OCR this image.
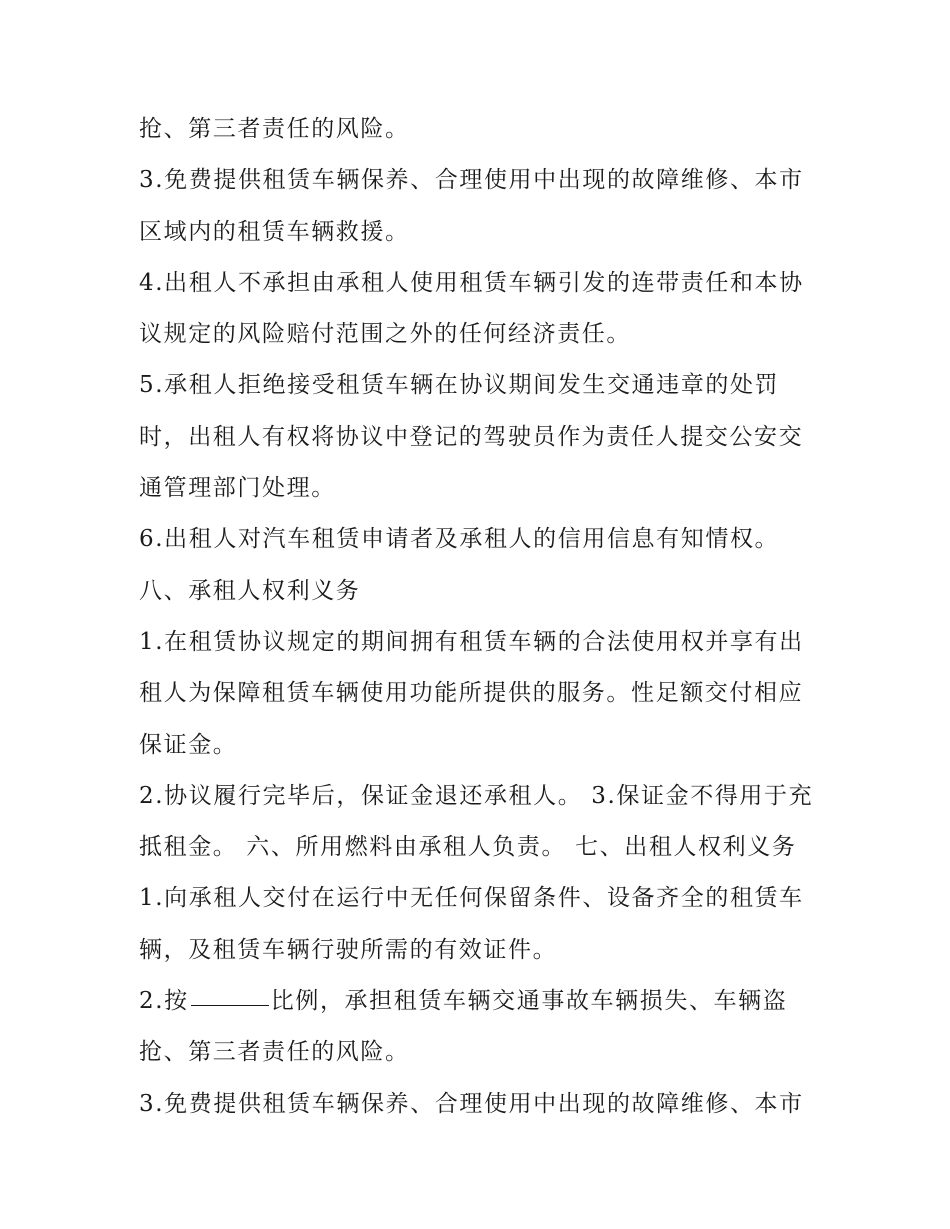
抢、第三者责任的风险。
3.免费提供租赁车辆保养、合理使用中出现的故障维修、本市
区域内的租赁车辆救援。
4.出租人不承担由承租人使用租赁车辆引发的连带责任和本协
议规定的风险赔付范围之外的任何经济责任。
5.承租人拒绝接受租赁车辆在协议期间发生交通违章的处罚
时，出租人有权将协议中登记的驾驶员作为责任人提交公安交
通管理部门处理。
6.出租人对汽车租赁申请者及承租人的信用信息有知情权。
八、承租人权利义务
1.在租赁协议规定的期间拥有租赁车辆的合法使用权并享有出
租人为保障租赁车辆使用功能所提供的服务。性足额交付相应
保证金。
2.协议履行完毕后，保证金退还承租人。 3.保证金不得用于充
抵租金。 六、所用燃料由承租人负责。 七、出租人权利义务
1.向承租人交付在运行中无任何保留条件、设备齐全的租赁车
辆，及租赁车辆行驶所需的有效证件。
2.按	比例，承担租赁车辆交通事故车辆损失、车辆盗
抢、第三者责任的风险。
3.免费提供租赁车辆保养、合理使用中出现的故障维修、本市
